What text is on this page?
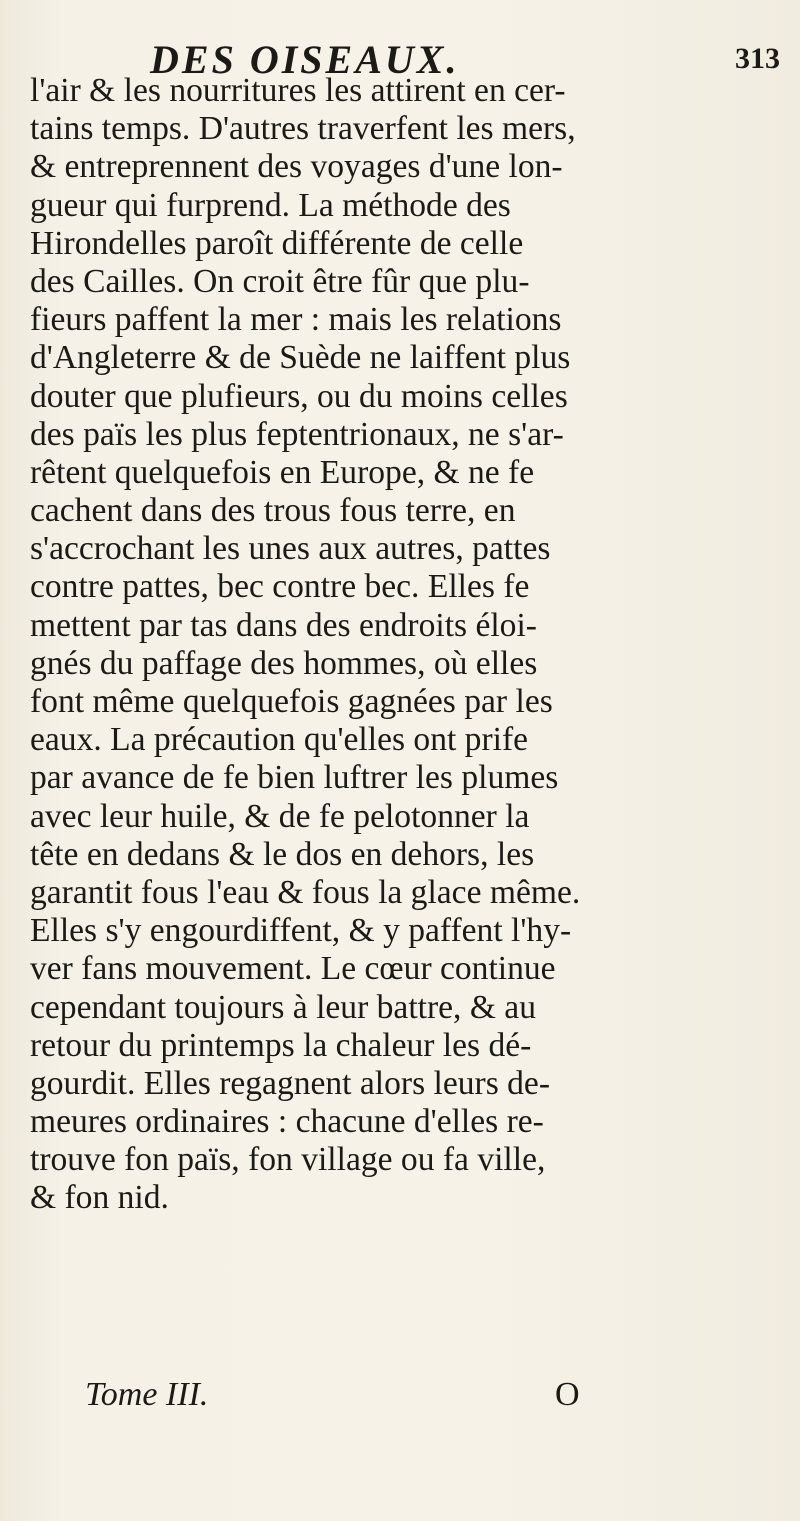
DES OISEAUX.	313
l'air & les nourritures les attirent en cer-
tains temps. D'autres traverfent les mers,
& entreprennent des voyages d'une lon-
gueur qui furprend. La méthode des
Hirondelles paroît différente de celle
des Cailles. On croit être fûr que plu-
fieurs paffent la mer : mais les relations
d'Angleterre & de Suède ne laiffent plus
douter que plufieurs, ou du moins celles
des païs les plus feptentrionaux, ne s'ar-
rêtent quelquefois en Europe, & ne fe
cachent dans des trous fous terre, en
s'accrochant les unes aux autres, pattes
contre pattes, bec contre bec. Elles fe
mettent par tas dans des endroits éloi-
gnés du paffage des hommes, où elles
font même quelquefois gagnées par les
eaux. La précaution qu'elles ont prife
par avance de fe bien luftrer les plumes
avec leur huile, & de fe pelotonner la
tête en dedans & le dos en dehors, les
garantit fous l'eau & fous la glace même.
Elles s'y engourdiffent, & y paffent l'hy-
ver fans mouvement. Le cœur continue
cependant toujours à leur battre, & au
retour du printemps la chaleur les dé-
gourdit. Elles regagnent alors leurs de-
meures ordinaires : chacune d'elles re-
trouve fon païs, fon village ou fa ville,
& fon nid.
Tome III.	O
